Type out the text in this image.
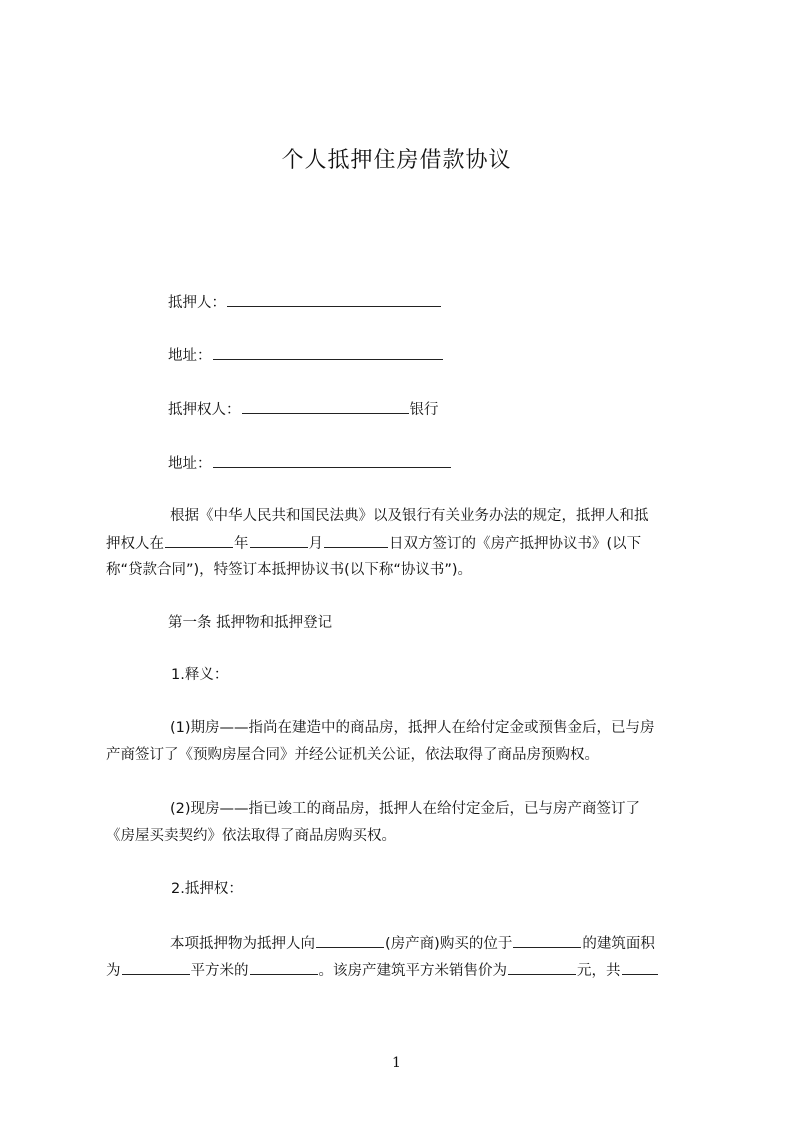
个人抵押住房借款协议
抵押人：
地址：
抵押权人：	银行
地址：
根据《中华人民共和国民法典》以及银行有关业务办法的规定，抵押人和抵
押权人在	年	月	日双方签订的《房产抵押协议书》(以下
称“贷款合同”)，特签订本抵押协议书(以下称“协议书”)。
第一条 抵押物和抵押登记
1.释义：
(1)期房——指尚在建造中的商品房，抵押人在给付定金或预售金后，已与房
产商签订了《预购房屋合同》并经公证机关公证，依法取得了商品房预购权。
(2)现房——指已竣工的商品房，抵押人在给付定金后，已与房产商签订了
《房屋买卖契约》依法取得了商品房购买权。
2.抵押权：
本项抵押物为抵押人向	(房产商)购买的位于	的建筑面积
为	平方米的	。该房产建筑平方米销售价为	元，共
1
